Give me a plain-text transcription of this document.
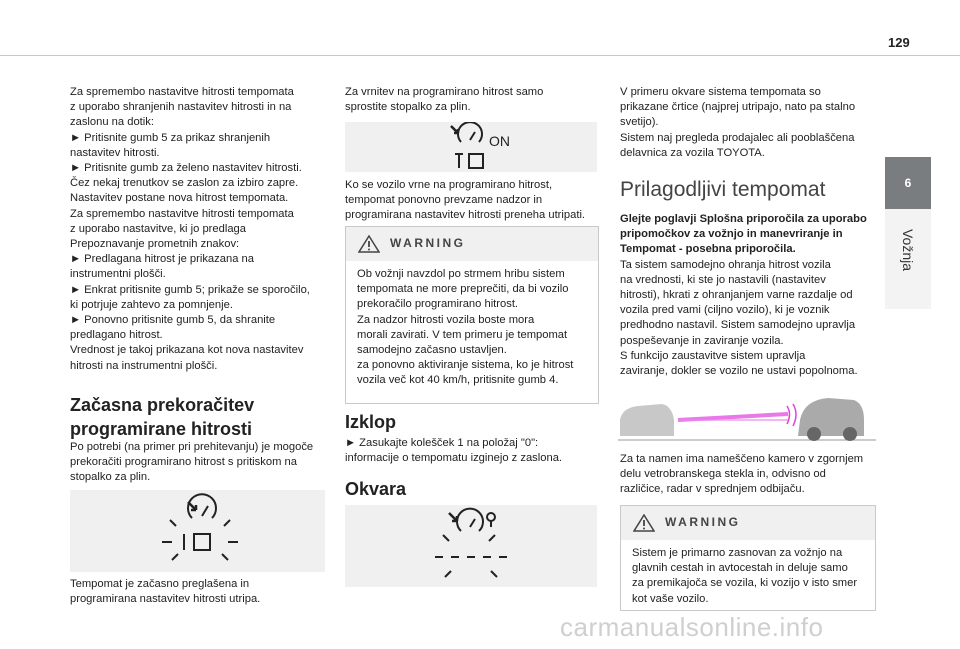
129
6
Vožnja

Za spremembo nastavitve hitrosti tempomata
z uporabo shranjenih nastavitev hitrosti in na
zaslonu na dotik:
► Pritisnite gumb 5 za prikaz shranjenih
nastavitev hitrosti.
► Pritisnite gumb za želeno nastavitev hitrosti.
Čez nekaj trenutkov se zaslon za izbiro zapre.
Nastavitev postane nova hitrost tempomata.
Za spremembo nastavitve hitrosti tempomata
z uporabo nastavitve, ki jo predlaga
Prepoznavanje prometnih znakov:
► Predlagana hitrost je prikazana na
instrumentni plošči.
► Enkrat pritisnite gumb 5; prikaže se sporočilo,
ki potrjuje zahtevo za pomnjenje.
► Ponovno pritisnite gumb 5, da shranite
predlagano hitrost.
Vrednost je takoj prikazana kot nova nastavitev
hitrosti na instrumentni plošči.

Začasna prekoračitev
programirane hitrosti
Po potrebi (na primer pri prehitevanju) je mogoče
prekoračiti programirano hitrost s pritiskom na
stopalko za plin.
Tempomat je začasno preglašena in
programirana nastavitev hitrosti utripa.
Za vrnitev na programirano hitrost samo
sprostite stopalko za plin.
ON
Ko se vozilo vrne na programirano hitrost,
tempomat ponovno prevzame nadzor in
programirana nastavitev hitrosti preneha utripati.
WARNING
Ob vožnji navzdol po strmem hribu sistem
tempomata ne more preprečiti, da bi vozilo
prekoračilo programirano hitrost.
Za nadzor hitrosti vozila boste mora
morali zavirati. V tem primeru je tempomat
samodejno začasno ustavljen.
za ponovno aktiviranje sistema, ko je hitrost
vozila več kot 40 km/h, pritisnite gumb 4.
Izklop
► Zasukajte kolešček 1 na položaj "0":
informacije o tempomatu izginejo z zaslona.
Okvara
V primeru okvare sistema tempomata so
prikazane črtice (najprej utripajo, nato pa stalno
svetijo).
Sistem naj pregleda prodajalec ali pooblaščena
delavnica za vozila TOYOTA.
Prilagodljivi tempomat
Glejte poglavji Splošna priporočila za uporabo
pripomočkov za vožnjo in manevriranje in
Tempomat - posebna priporočila.
Ta sistem samodejno ohranja hitrost vozila
na vrednosti, ki ste jo nastavili (nastavitev
hitrosti), hkrati z ohranjanjem varne razdalje od
vozila pred vami (ciljno vozilo), ki je voznik
predhodno nastavil. Sistem samodejno upravlja
pospeševanje in zaviranje vozila.
S funkcijo zaustavitve sistem upravlja
zaviranje, dokler se vozilo ne ustavi popolnoma.
Za ta namen ima nameščeno kamero v zgornjem
delu vetrobranskega stekla in, odvisno od
različice, radar v sprednjem odbijaču.
WARNING
Sistem je primarno zasnovan za vožnjo na
glavnih cestah in avtocestah in deluje samo
za premikajoča se vozila, ki vozijo v isto smer
kot vaše vozilo.
carmanualsonline.info
